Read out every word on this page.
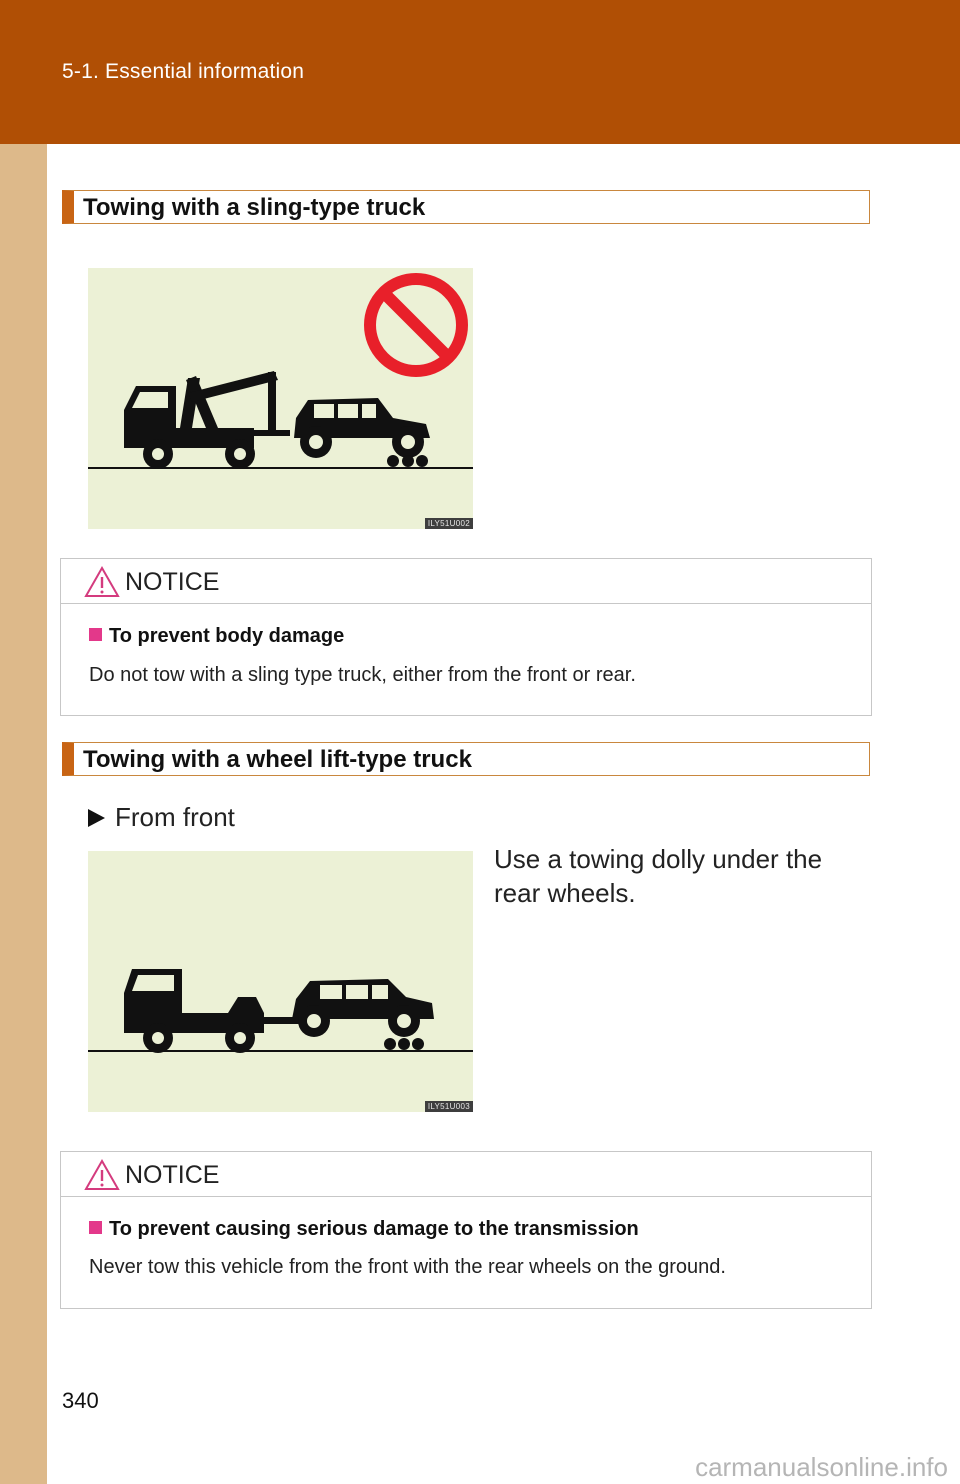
5-1. Essential information
Towing with a sling-type truck
ILY51U002
NOTICE
To prevent body damage
Do not tow with a sling type truck, either from the front or rear.
Towing with a wheel lift-type truck
From front
Use a towing dolly under the rear wheels.
ILY51U003
NOTICE
To prevent causing serious damage to the transmission
Never tow this vehicle from the front with the rear wheels on the ground.
340
carmanualsonline.info
